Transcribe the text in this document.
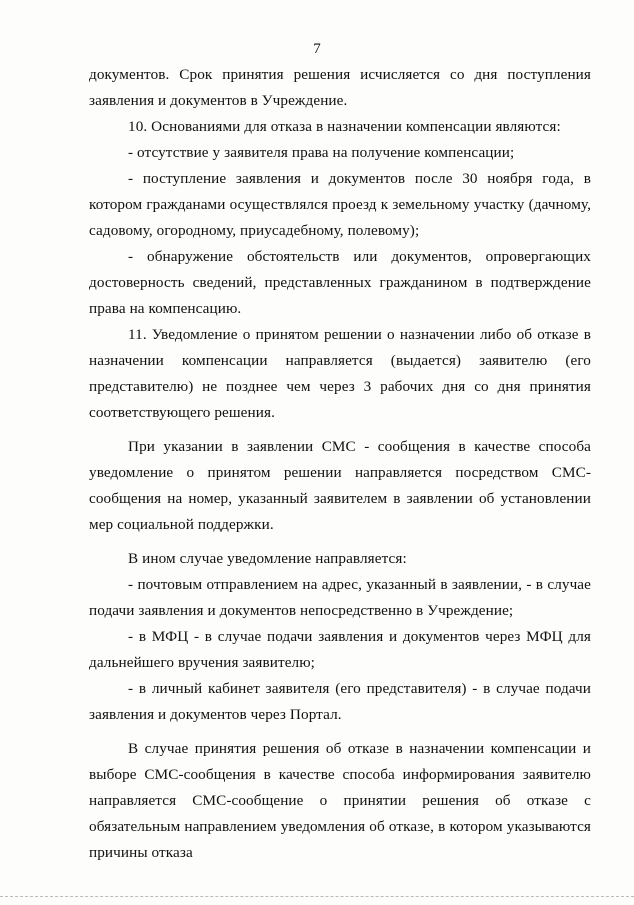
7

документов. Срок принятия решения исчисляется со дня поступления заявления и документов в Учреждение.

10. Основаниями для отказа в назначении компенсации являются:

- отсутствие у заявителя права на получение компенсации;

- поступление заявления и документов после 30 ноября года, в котором гражданами осуществлялся проезд к земельному участку (дачному, садовому, огородному, приусадебному, полевому);

- обнаружение обстоятельств или документов, опровергающих достоверность сведений, представленных гражданином в подтверждение права на компенсацию.

11. Уведомление о принятом решении о назначении либо об отказе в назначении компенсации направляется (выдается) заявителю (его представителю) не позднее чем через 3 рабочих дня со дня принятия соответствующего решения.

При указании в заявлении СМС - сообщения в качестве способа уведомление о принятом решении направляется посредством СМС-сообщения на номер, указанный заявителем в заявлении об установлении мер социальной поддержки.

В ином случае уведомление направляется:

- почтовым отправлением на адрес, указанный в заявлении, - в случае подачи заявления и документов непосредственно в Учреждение;

- в МФЦ - в случае подачи заявления и документов через МФЦ для дальнейшего вручения заявителю;

- в личный кабинет заявителя (его представителя) - в случае подачи заявления и документов через Портал.

В случае принятия решения об отказе в назначении компенсации и выборе СМС-сообщения в качестве способа информирования заявителю направляется СМС-сообщение о принятии решения об отказе с обязательным направлением уведомления об отказе, в котором указываются причины отказа
